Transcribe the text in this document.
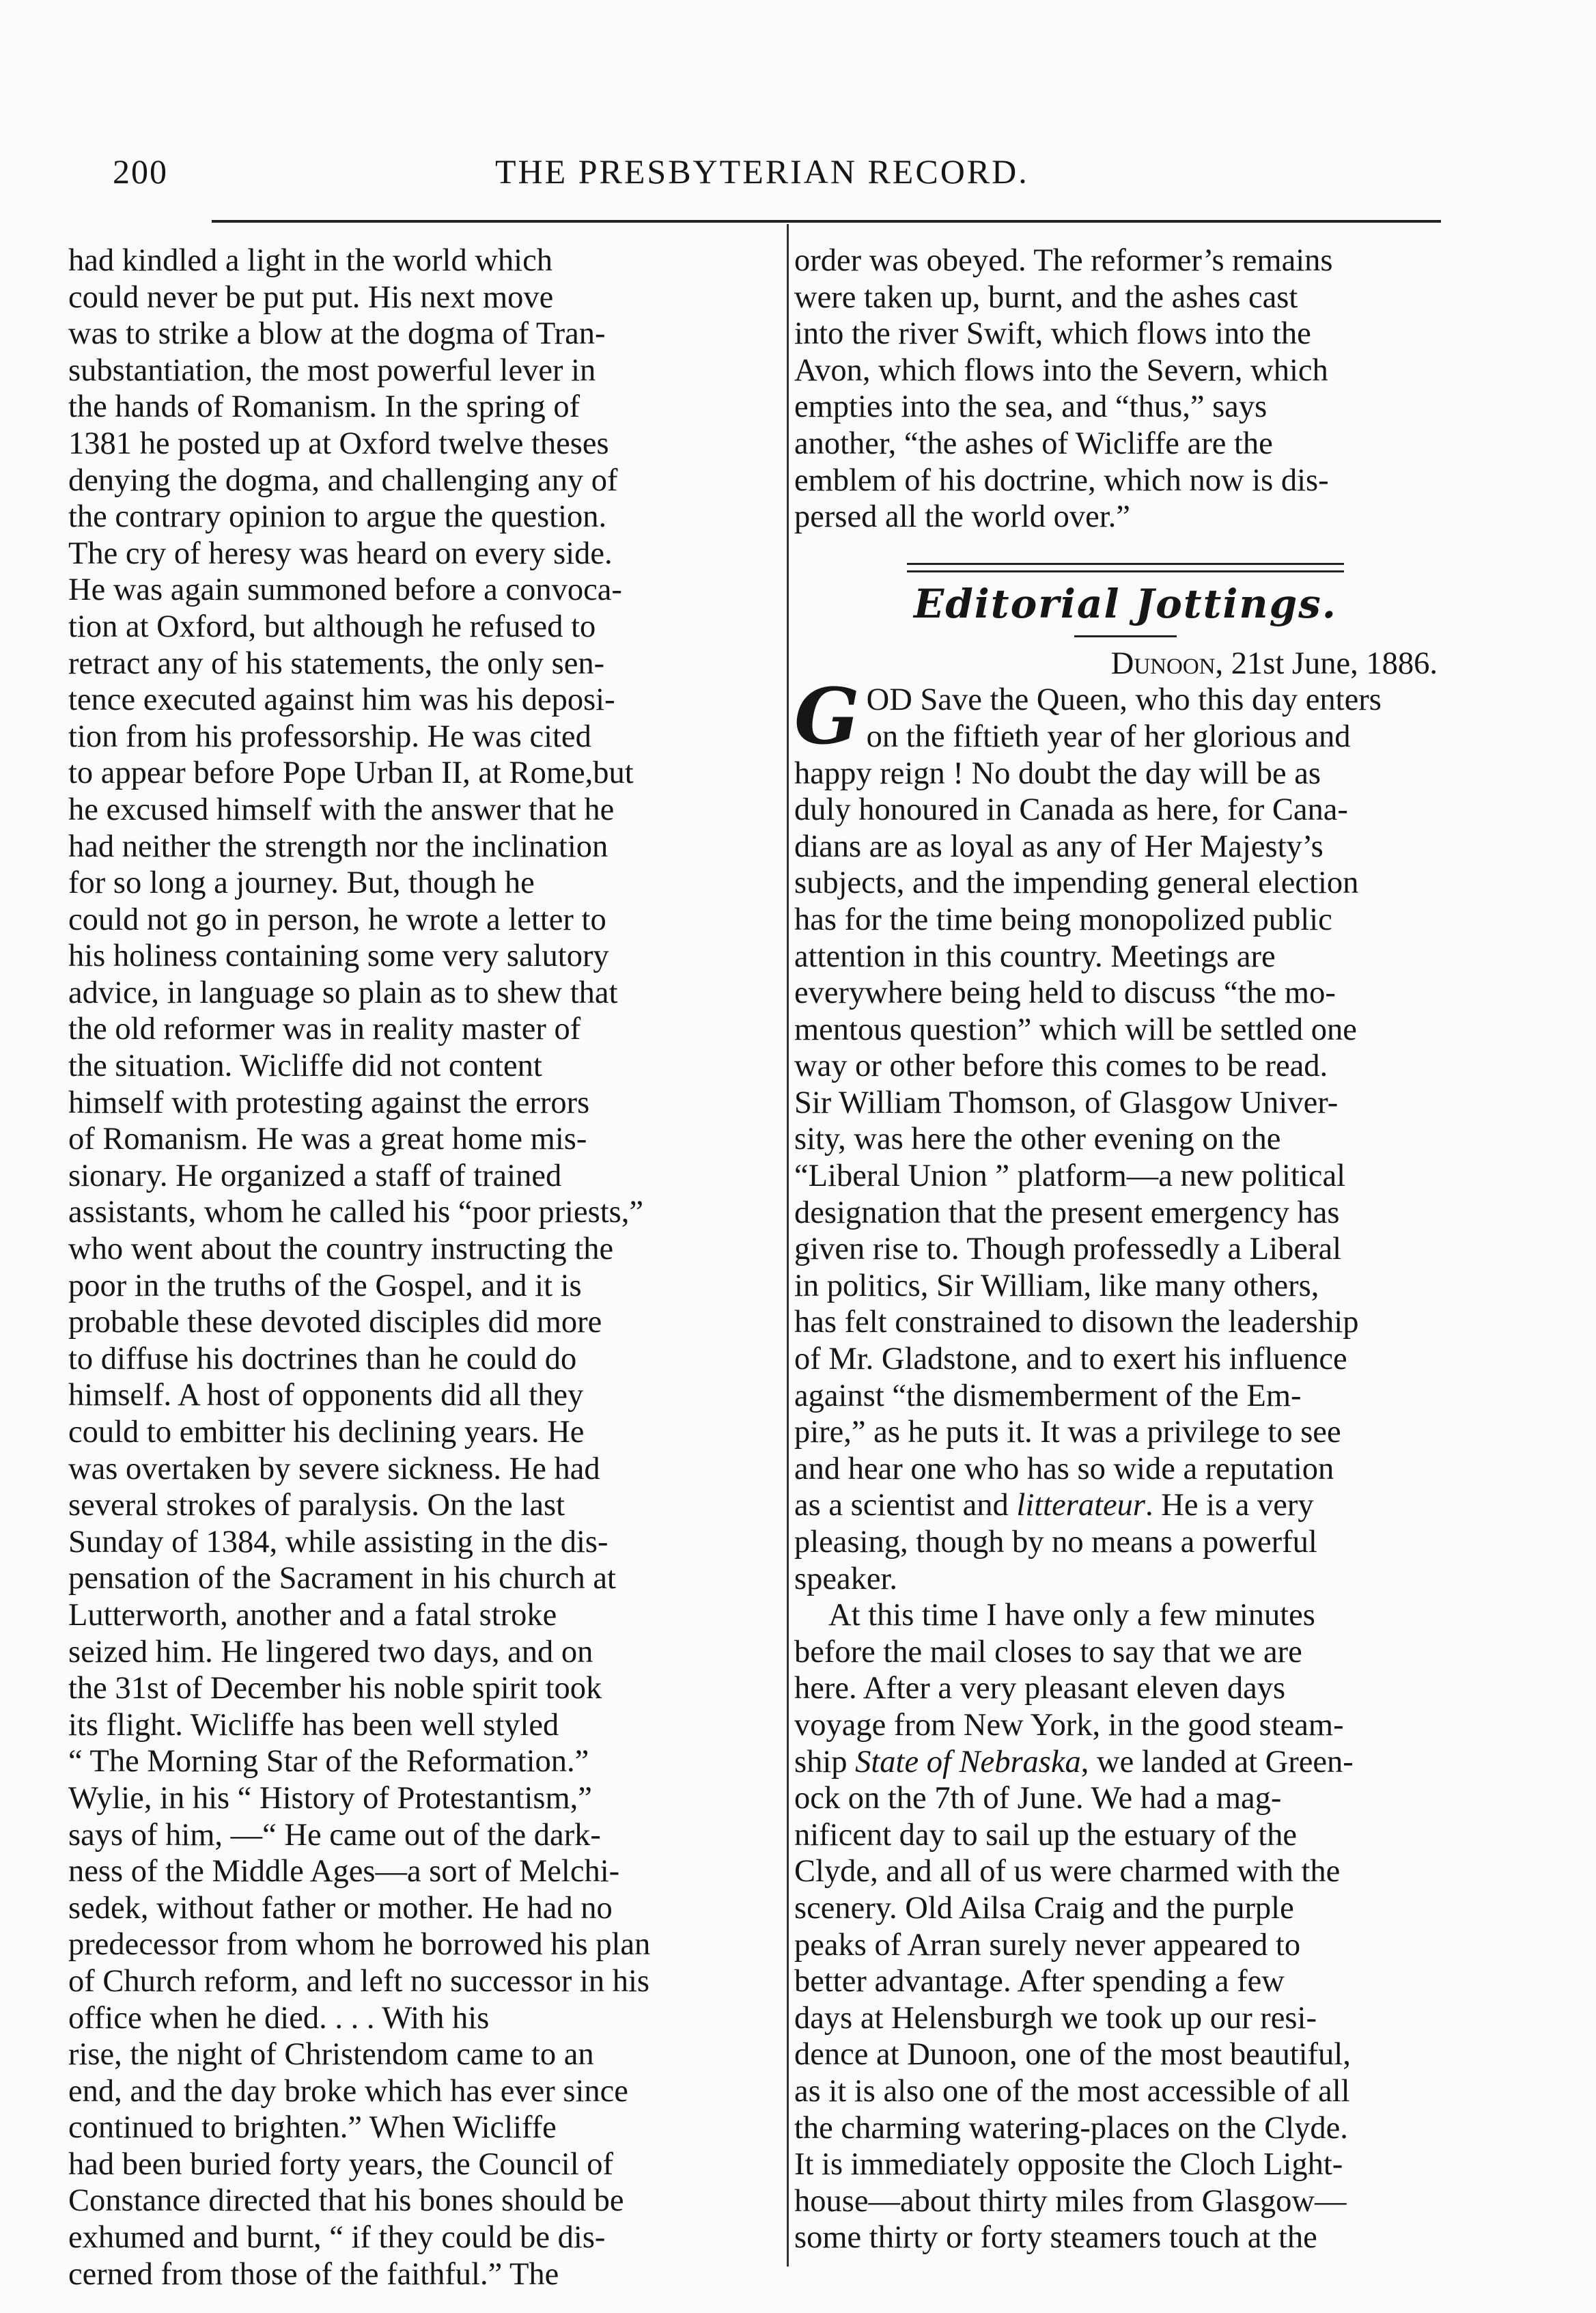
200	THE PRESBYTERIAN RECORD.

had kindled a light in the world which
could never be put put. His next move
was to strike a blow at the dogma of Tran-
substantiation, the most powerful lever in
the hands of Romanism. In the spring of
1381 he posted up at Oxford twelve theses
denying the dogma, and challenging any of
the contrary opinion to argue the question.
The cry of heresy was heard on every side.
He was again summoned before a convoca-
tion at Oxford, but although he refused to
retract any of his statements, the only sen-
tence executed against him was his deposi-
tion from his professorship. He was cited
to appear before Pope Urban II, at Rome,but
he excused himself with the answer that he
had neither the strength nor the inclination
for so long a journey. But, though he
could not go in person, he wrote a letter to
his holiness containing some very salutory
advice, in language so plain as to shew that
the old reformer was in reality master of
the situation. Wicliffe did not content
himself with protesting against the errors
of Romanism. He was a great home mis-
sionary. He organized a staff of trained
assistants, whom he called his “poor priests,”
who went about the country instructing the
poor in the truths of the Gospel, and it is
probable these devoted disciples did more
to diffuse his doctrines than he could do
himself. A host of opponents did all they
could to embitter his declining years. He
was overtaken by severe sickness. He had
several strokes of paralysis. On the last
Sunday of 1384, while assisting in the dis-
pensation of the Sacrament in his church at
Lutterworth, another and a fatal stroke
seized him. He lingered two days, and on
the 31st of December his noble spirit took
its flight. Wicliffe has been well styled
“ The Morning Star of the Reformation.”
Wylie, in his “ History of Protestantism,”
says of him, —“ He came out of the dark-
ness of the Middle Ages—a sort of Melchi-
sedek, without father or mother. He had no
predecessor from whom he borrowed his plan
of Church reform, and left no successor in his
office when he died. . . . With his
rise, the night of Christendom came to an
end, and the day broke which has ever since
continued to brighten.” When Wicliffe
had been buried forty years, the Council of
Constance directed that his bones should be
exhumed and burnt, “ if they could be dis-
cerned from those of the faithful.” The

order was obeyed. The reformer’s remains
were taken up, burnt, and the ashes cast
into the river Swift, which flows into the
Avon, which flows into the Severn, which
empties into the sea, and “thus,” says
another, “the ashes of Wicliffe are the
emblem of his doctrine, which now is dis-
persed all the world over.”

Editorial Jottings.
Dunoon, 21st June, 1886.

G OD Save the Queen, who this day enters
on the fiftieth year of her glorious and
happy reign ! No doubt the day will be as
duly honoured in Canada as here, for Cana-
dians are as loyal as any of Her Majesty’s
subjects, and the impending general election
has for the time being monopolized public
attention in this country. Meetings are
everywhere being held to discuss “the mo-
mentous question” which will be settled one
way or other before this comes to be read.
Sir William Thomson, of Glasgow Univer-
sity, was here the other evening on the
“Liberal Union ” platform—a new political
designation that the present emergency has
given rise to. Though professedly a Liberal
in politics, Sir William, like many others,
has felt constrained to disown the leadership
of Mr. Gladstone, and to exert his influence
against “the dismemberment of the Em-
pire,” as he puts it. It was a privilege to see
and hear one who has so wide a reputation
as a scientist and litterateur. He is a very
pleasing, though by no means a powerful
speaker.

At this time I have only a few minutes
before the mail closes to say that we are
here. After a very pleasant eleven days
voyage from New York, in the good steam-
ship State of Nebraska, we landed at Green-
ock on the 7th of June. We had a mag-
nificent day to sail up the estuary of the
Clyde, and all of us were charmed with the
scenery. Old Ailsa Craig and the purple
peaks of Arran surely never appeared to
better advantage. After spending a few
days at Helensburgh we took up our resi-
dence at Dunoon, one of the most beautiful,
as it is also one of the most accessible of all
the charming watering-places on the Clyde.
It is immediately opposite the Cloch Light-
house—about thirty miles from Glasgow—
some thirty or forty steamers touch at the
